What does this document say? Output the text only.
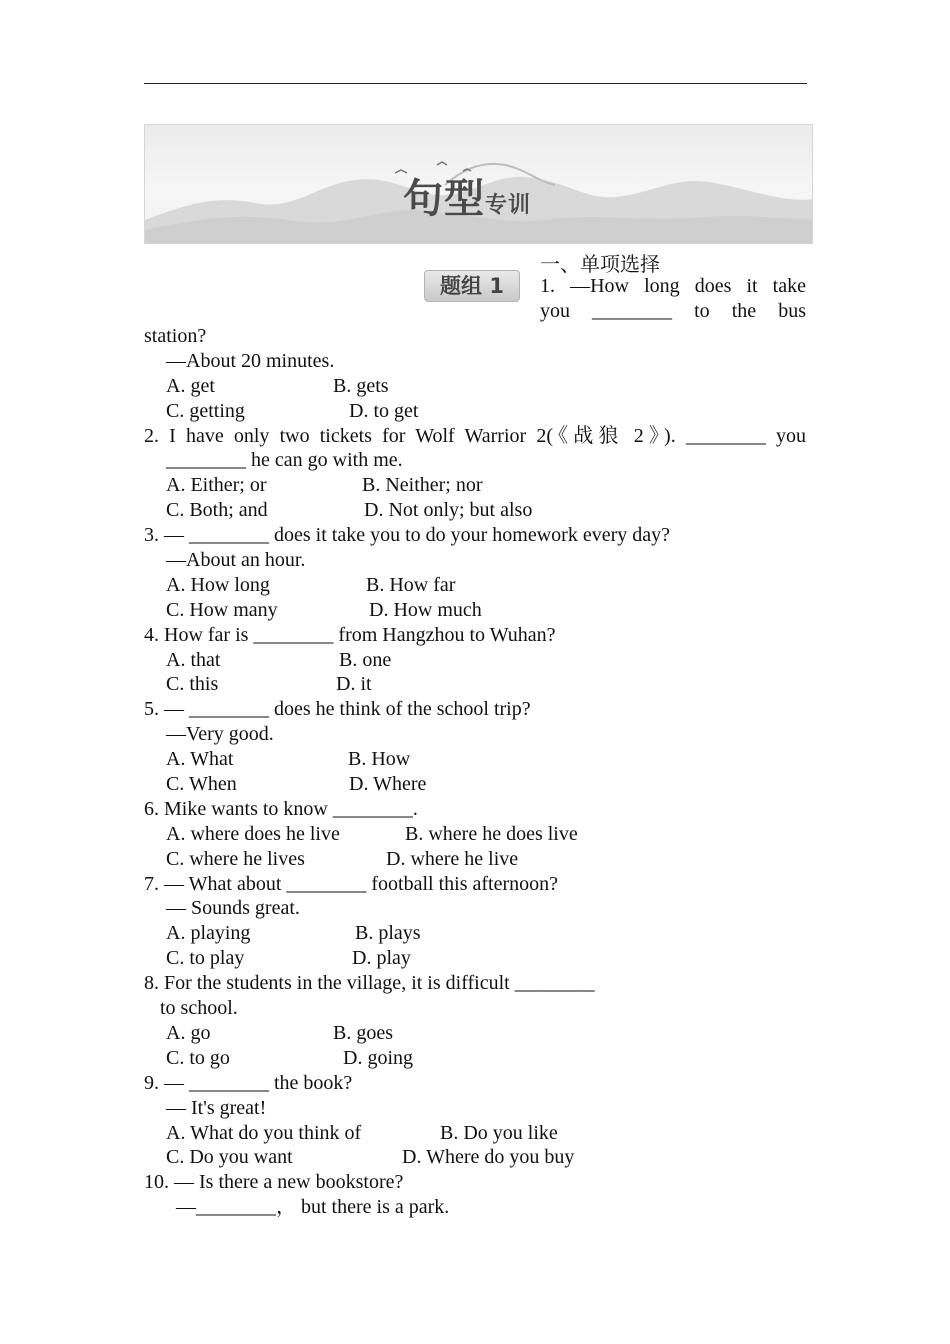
句型专训
题组 1
一、单项选择
1. —How long does it take
you ________ to the bus
station?
—About 20 minutes.
A. get	B. gets
C. getting	D. to get
2. I have only two tickets for Wolf Warrior 2(《战狼 2》). ________ you
________ he can go with me.
A. Either; or	B. Neither; nor
C. Both; and	D. Not only; but also
3. — ________ does it take you to do your homework every day?
—About an hour.
A. How long	B. How far
C. How many	D. How much
4. How far is ________ from Hangzhou to Wuhan?
A. that	B. one
C. this	D. it
5. — ________ does he think of the school trip?
—Very good.
A. What	B. How
C. When	D. Where
6. Mike wants to know ________.
A. where does he live	B. where he does live
C. where he lives	D. where he live
7. — What about ________ football this afternoon?
— Sounds great.
A. playing	B. plays
C. to play	D. play
8. For the students in the village, it is difficult ________
to school.
A. go	B. goes
C. to go	D. going
9. — ________ the book?
— It's great!
A. What do you think of	B. Do you like
C. Do you want	D. Where do you buy
10. — Is there a new bookstore?
—________， but there is a park.
